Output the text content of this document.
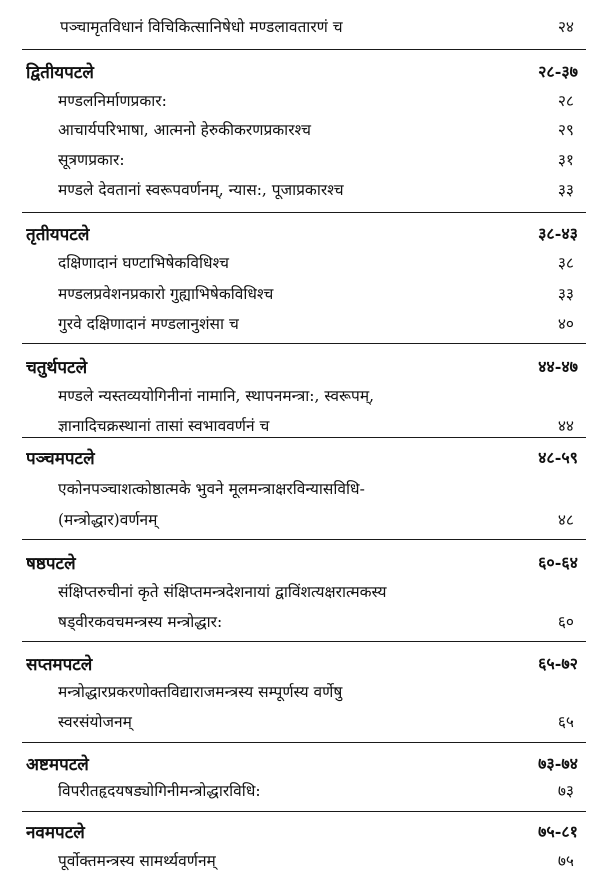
पञ्चामृतविधानं विचिकित्सानिषेधो मण्डलावतारणं च	२४
द्वितीयपटले	२८-३७
मण्डलनिर्माणप्रकार:	२८
आचार्यपरिभाषा, आत्मनो हेरुकीकरणप्रकारश्च	२९
सूत्रणप्रकार:	३१
मण्डले देवतानां स्वरूपवर्णनम्, न्यास:, पूजाप्रकारश्च	३३
तृतीयपटले	३८-४३
दक्षिणादानं घण्टाभिषेकविधिश्च	३८
मण्डलप्रवेशनप्रकारो गुह्याभिषेकविधिश्च	३३
गुरवे दक्षिणादानं मण्डलानुशंसा च	४०
चतुर्थपटले	४४-४७
मण्डले न्यस्तव्ययोगिनीनां नामानि, स्थापनमन्त्रा:, स्वरूपम्,
ज्ञानादिचक्रस्थानां तासां स्वभाववर्णनं च	४४
पञ्चमपटले	४८-५९
एकोनपञ्चाशत्कोष्ठात्मके भुवने मूलमन्त्राक्षरविन्यासविधि-
(मन्त्रोद्धार)वर्णनम्	४८
षष्ठपटले	६०-६४
संक्षिप्तरुचीनां कृते संक्षिप्तमन्त्रदेशनायां द्वाविंशत्यक्षरात्मकस्य
षड्वीरकवचमन्त्रस्य मन्त्रोद्धार:	६०
सप्तमपटले	६५-७२
मन्त्रोद्धारप्रकरणोक्तविद्याराजमन्त्रस्य सम्पूर्णस्य वर्णेषु
स्वरसंयोजनम्	६५
अष्टमपटले	७३-७४
विपरीतहृदयषड्योगिनीमन्त्रोद्धारविधि:	७३
नवमपटले	७५-८१
पूर्वोक्तमन्त्रस्य सामर्थ्यवर्णनम्	७५
